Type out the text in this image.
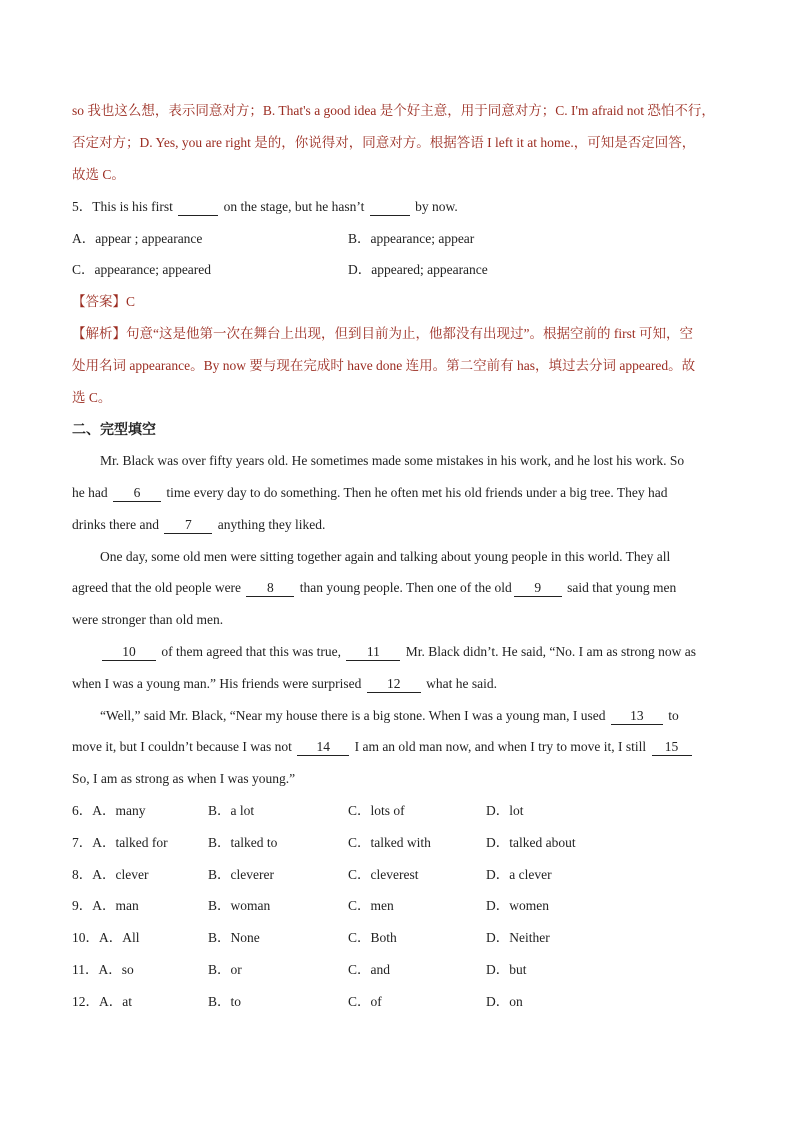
so 我也这么想，表示同意对方；B. That's a good idea 是个好主意，用于同意对方；C. I'm afraid not 恐怕不行，
否定对方；D. Yes, you are right 是的，你说得对，同意对方。根据答语 I left it at home.，可知是否定回答，
故选 C。
5．This is his first	on the stage, but he hasn’t	by now.
A．appear ; appearance	B．appearance; appear
C．appearance; appeared	D．appeared; appearance
【答案】C
【解析】句意“这是他第一次在舞台上出现，但到目前为止，他都没有出现过”。根据空前的 first 可知，空
处用名词 appearance。By now 要与现在完成时 have done 连用。第二空前有 has，填过去分词 appeared。故
选 C。
二、完型填空
Mr. Black was over fifty years old. He sometimes made some mistakes in his work, and he lost his work. So
he had 6 time every day to do something. Then he often met his old friends under a big tree. They had
drinks there and 7 anything they liked.
One day, some old men were sitting together again and talking about young people in this world. They all
agreed that the old people were 8 than young people. Then one of the old 9 said that young men
were stronger than old men.
10 of them agreed that this was true, 11 Mr. Black didn’t. He said, “No. I am as strong now as
when I was a young man.” His friends were surprised 12 what he said.
“Well,” said Mr. Black, “Near my house there is a big stone. When I was a young man, I used 13 to
move it, but I couldn’t because I was not 14 I am an old man now, and when I try to move it, I still 15
So, I am as strong as when I was young.”
6．A．many	B．a lot	C．lots of	D．lot
7．A．talked for	B．talked to	C．talked with	D．talked about
8．A．clever	B．cleverer	C．cleverest	D．a clever
9．A．man	B．woman	C．men	D．women
10．A．All	B．None	C．Both	D．Neither
11．A．so	B．or	C．and	D．but
12．A．at	B．to	C．of	D．on
